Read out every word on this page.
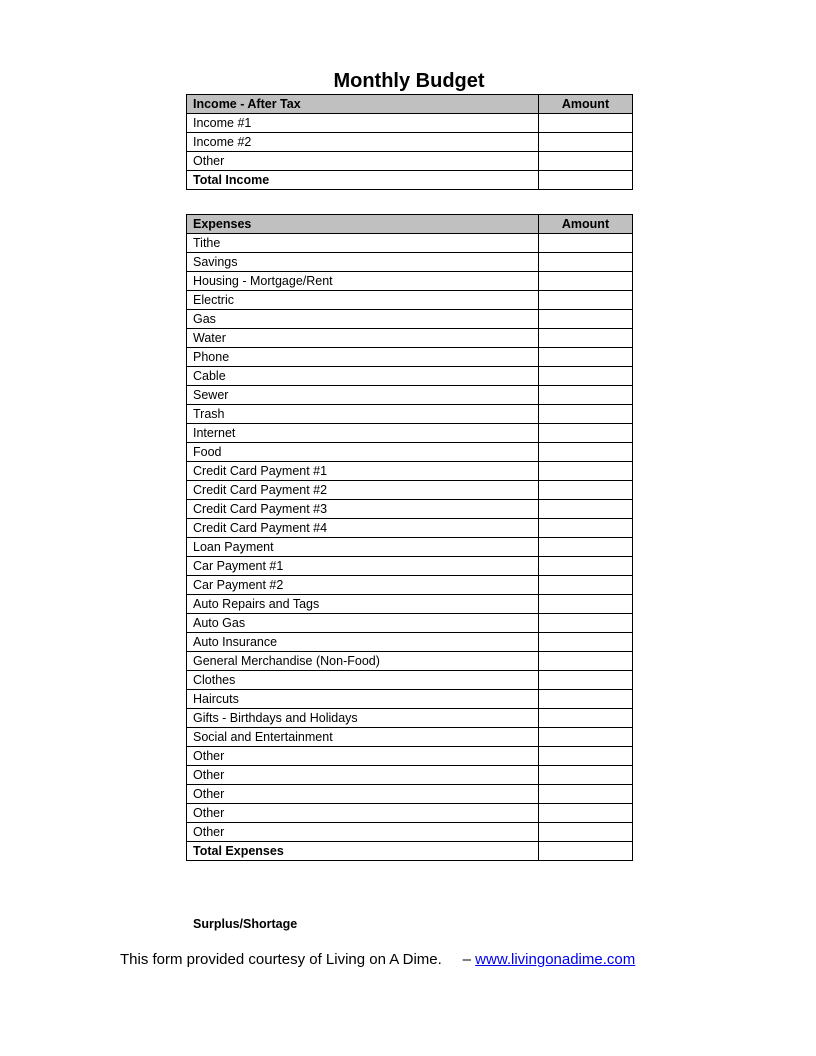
Monthly Budget
Income - After Tax	Amount
Income #1	
Income #2	
Other	
Total Income	
Expenses	Amount
Tithe	
Savings	
Housing - Mortgage/Rent	
Electric	
Gas	
Water	
Phone	
Cable	
Sewer	
Trash	
Internet	
Food	
Credit Card Payment #1	
Credit Card Payment #2	
Credit Card Payment #3	
Credit Card Payment #4	
Loan Payment	
Car Payment #1	
Car Payment #2	
Auto Repairs and Tags	
Auto Gas	
Auto Insurance	
General Merchandise (Non-Food)	
Clothes	
Haircuts	
Gifts - Birthdays and Holidays	
Social and Entertainment	
Other	
Other	
Other	
Other	
Other	
Total Expenses	
Surplus/Shortage
This form provided courtesy of Living on A Dime. – www.livingonadime.com
